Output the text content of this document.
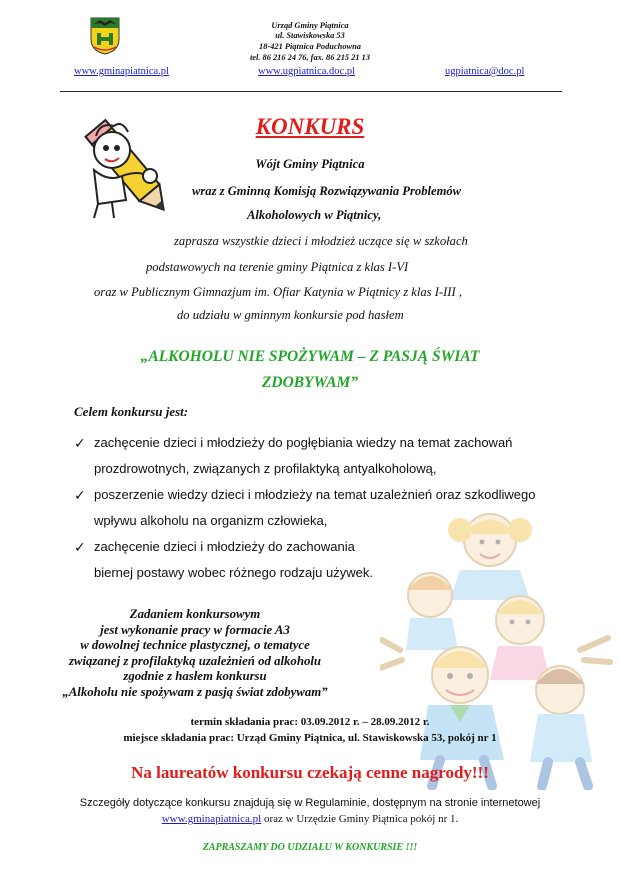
Urząd Gminy Piątnica
ul. Stawiskowska 53
18-421 Piątnica Poduchowna
tel. 86 216 24 76, fax. 86 215 21 13
www.gminapiatnica.pl	www.ugpiatnica.doc.pl	ugpiatnica@doc.pl
KONKURS
Wójt Gminy Piątnica
wraz z Gminną Komisją Rozwiązywania Problemów
Alkoholowych w Piątnicy,
zaprasza wszystkie dzieci i młodzież uczące się w szkołach
podstawowych na terenie gminy Piątnica z klas I-VI
oraz w Publicznym Gimnazjum im. Ofiar Katynia w Piątnicy z klas I-III ,
do udziału w gminnym konkursie pod hasłem
„ALKOHOLU NIE SPOŻYWAM – Z PASJĄ ŚWIAT
ZDOBYWAM”
Celem konkursu jest:
✓ zachęcenie dzieci i młodzieży do pogłębiania wiedzy na temat zachowań
prozdrowotnych, związanych z profilaktyką antyalkoholową,
✓ poszerzenie wiedzy dzieci i młodzieży na temat uzależnień oraz szkodliwego
wpływu alkoholu na organizm człowieka,
✓ zachęcenie dzieci i młodzieży do zachowania
biernej postawy wobec różnego rodzaju używek.
Zadaniem konkursowym
jest wykonanie pracy w formacie A3
w dowolnej technice plastycznej, o tematyce
związanej z profilaktyką uzależnień od alkoholu
zgodnie z hasłem konkursu
„Alkoholu nie spożywam z pasją świat zdobywam”
termin składania prac: 03.09.2012 r. – 28.09.2012 r.
miejsce składania prac: Urząd Gminy Piątnica, ul. Stawiskowska 53, pokój nr 1
Na laureatów konkursu czekają cenne nagrody!!!
Szczegóły dotyczące konkursu znajdują się w Regulaminie, dostępnym na stronie internetowej
www.gminapiatnica.pl oraz w Urzędzie Gminy Piątnica pokój nr 1.
ZAPRASZAMY DO UDZIAŁU W KONKURSIE !!!
